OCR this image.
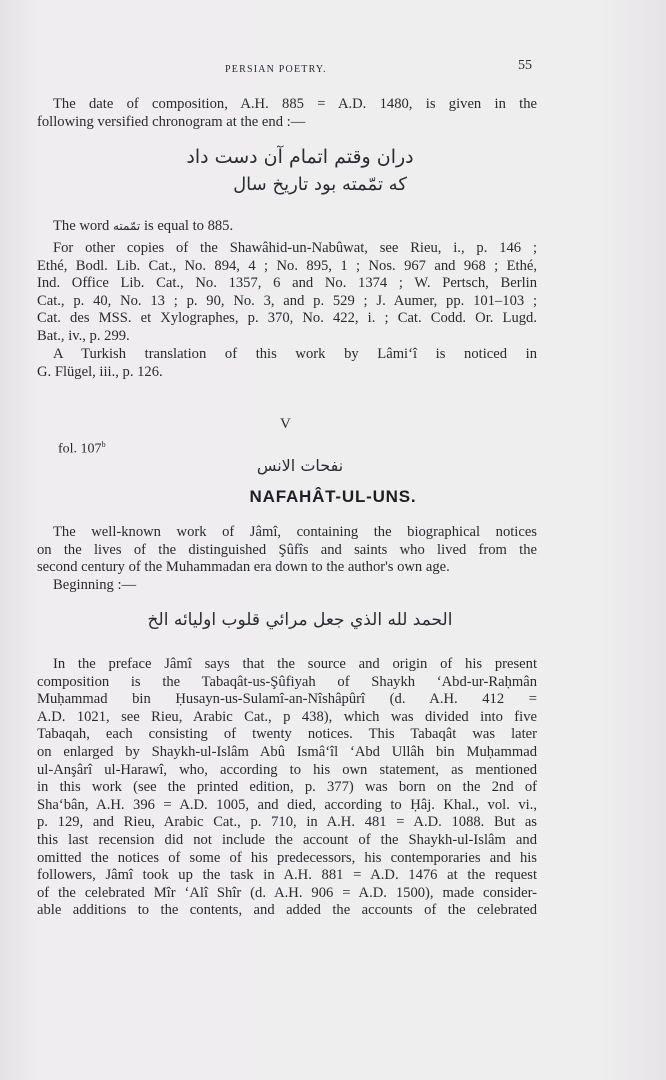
PERSIAN POETRY.	55
The date of composition, A.H. 885 = A.D. 1480, is given in the
following versified chronogram at the end :—
دران وقتم اتمام آن دست داد
که تمّمته بود تاریخ سال
The word تمّمته is equal to 885.
For other copies of the Shawâhid-un-Nabûwat, see Rieu, i., p. 146 ;
Ethé, Bodl. Lib. Cat., No. 894, 4 ; No. 895, 1 ; Nos. 967 and 968 ; Ethé,
Ind. Office Lib. Cat., No. 1357, 6 and No. 1374 ; W. Pertsch, Berlin
Cat., p. 40, No. 13 ; p. 90, No. 3, and p. 529 ; J. Aumer, pp. 101–103 ;
Cat. des MSS. et Xylographes, p. 370, No. 422, i. ; Cat. Codd. Or. Lugd.
Bat., iv., p. 299.
A Turkish translation of this work by Lâmi‘î is noticed in
G. Flügel, iii., p. 126.
V
fol. 107$^b$
نفحات الانس
NAFAHÂT-UL-UNS.
The well-known work of Jâmî, containing the biographical notices
on the lives of the distinguished Şûfîs and saints who lived from the
second century of the Muhammadan era down to the author's own age.
Beginning :—
الحمد لله الذي جعل مرائي قلوب اوليائه الخ
In the preface Jâmî says that the source and origin of his present
composition is the Tabaqât-us-Şûfiyah of Shaykh ‘Abd-ur-Raḥmân
Muḥammad bin Ḥusayn-us-Sulamî-an-Nîshâpûrî (d. A.H. 412 =
A.D. 1021, see Rieu, Arabic Cat., p 438), which was divided into five
Tabaqah, each consisting of twenty notices. This Tabaqât was later
on enlarged by Shaykh-ul-Islâm Abû Ismâ‘îl ‘Abd Ullâh bin Muḥammad
ul-Anşârî ul-Harawî, who, according to his own statement, as mentioned
in this work (see the printed edition, p. 377) was born on the 2nd of
Sha‘bân, A.H. 396 = A.D. 1005, and died, according to Ḥâj. Khal., vol. vi.,
p. 129, and Rieu, Arabic Cat., p. 710, in A.H. 481 = A.D. 1088. But as
this last recension did not include the account of the Shaykh-ul-Islâm and
omitted the notices of some of his predecessors, his contemporaries and his
followers, Jâmî took up the task in A.H. 881 = A.D. 1476 at the request
of the celebrated Mîr ‘Alî Shîr (d. A.H. 906 = A.D. 1500), made consider-
able additions to the contents, and added the accounts of the celebrated
